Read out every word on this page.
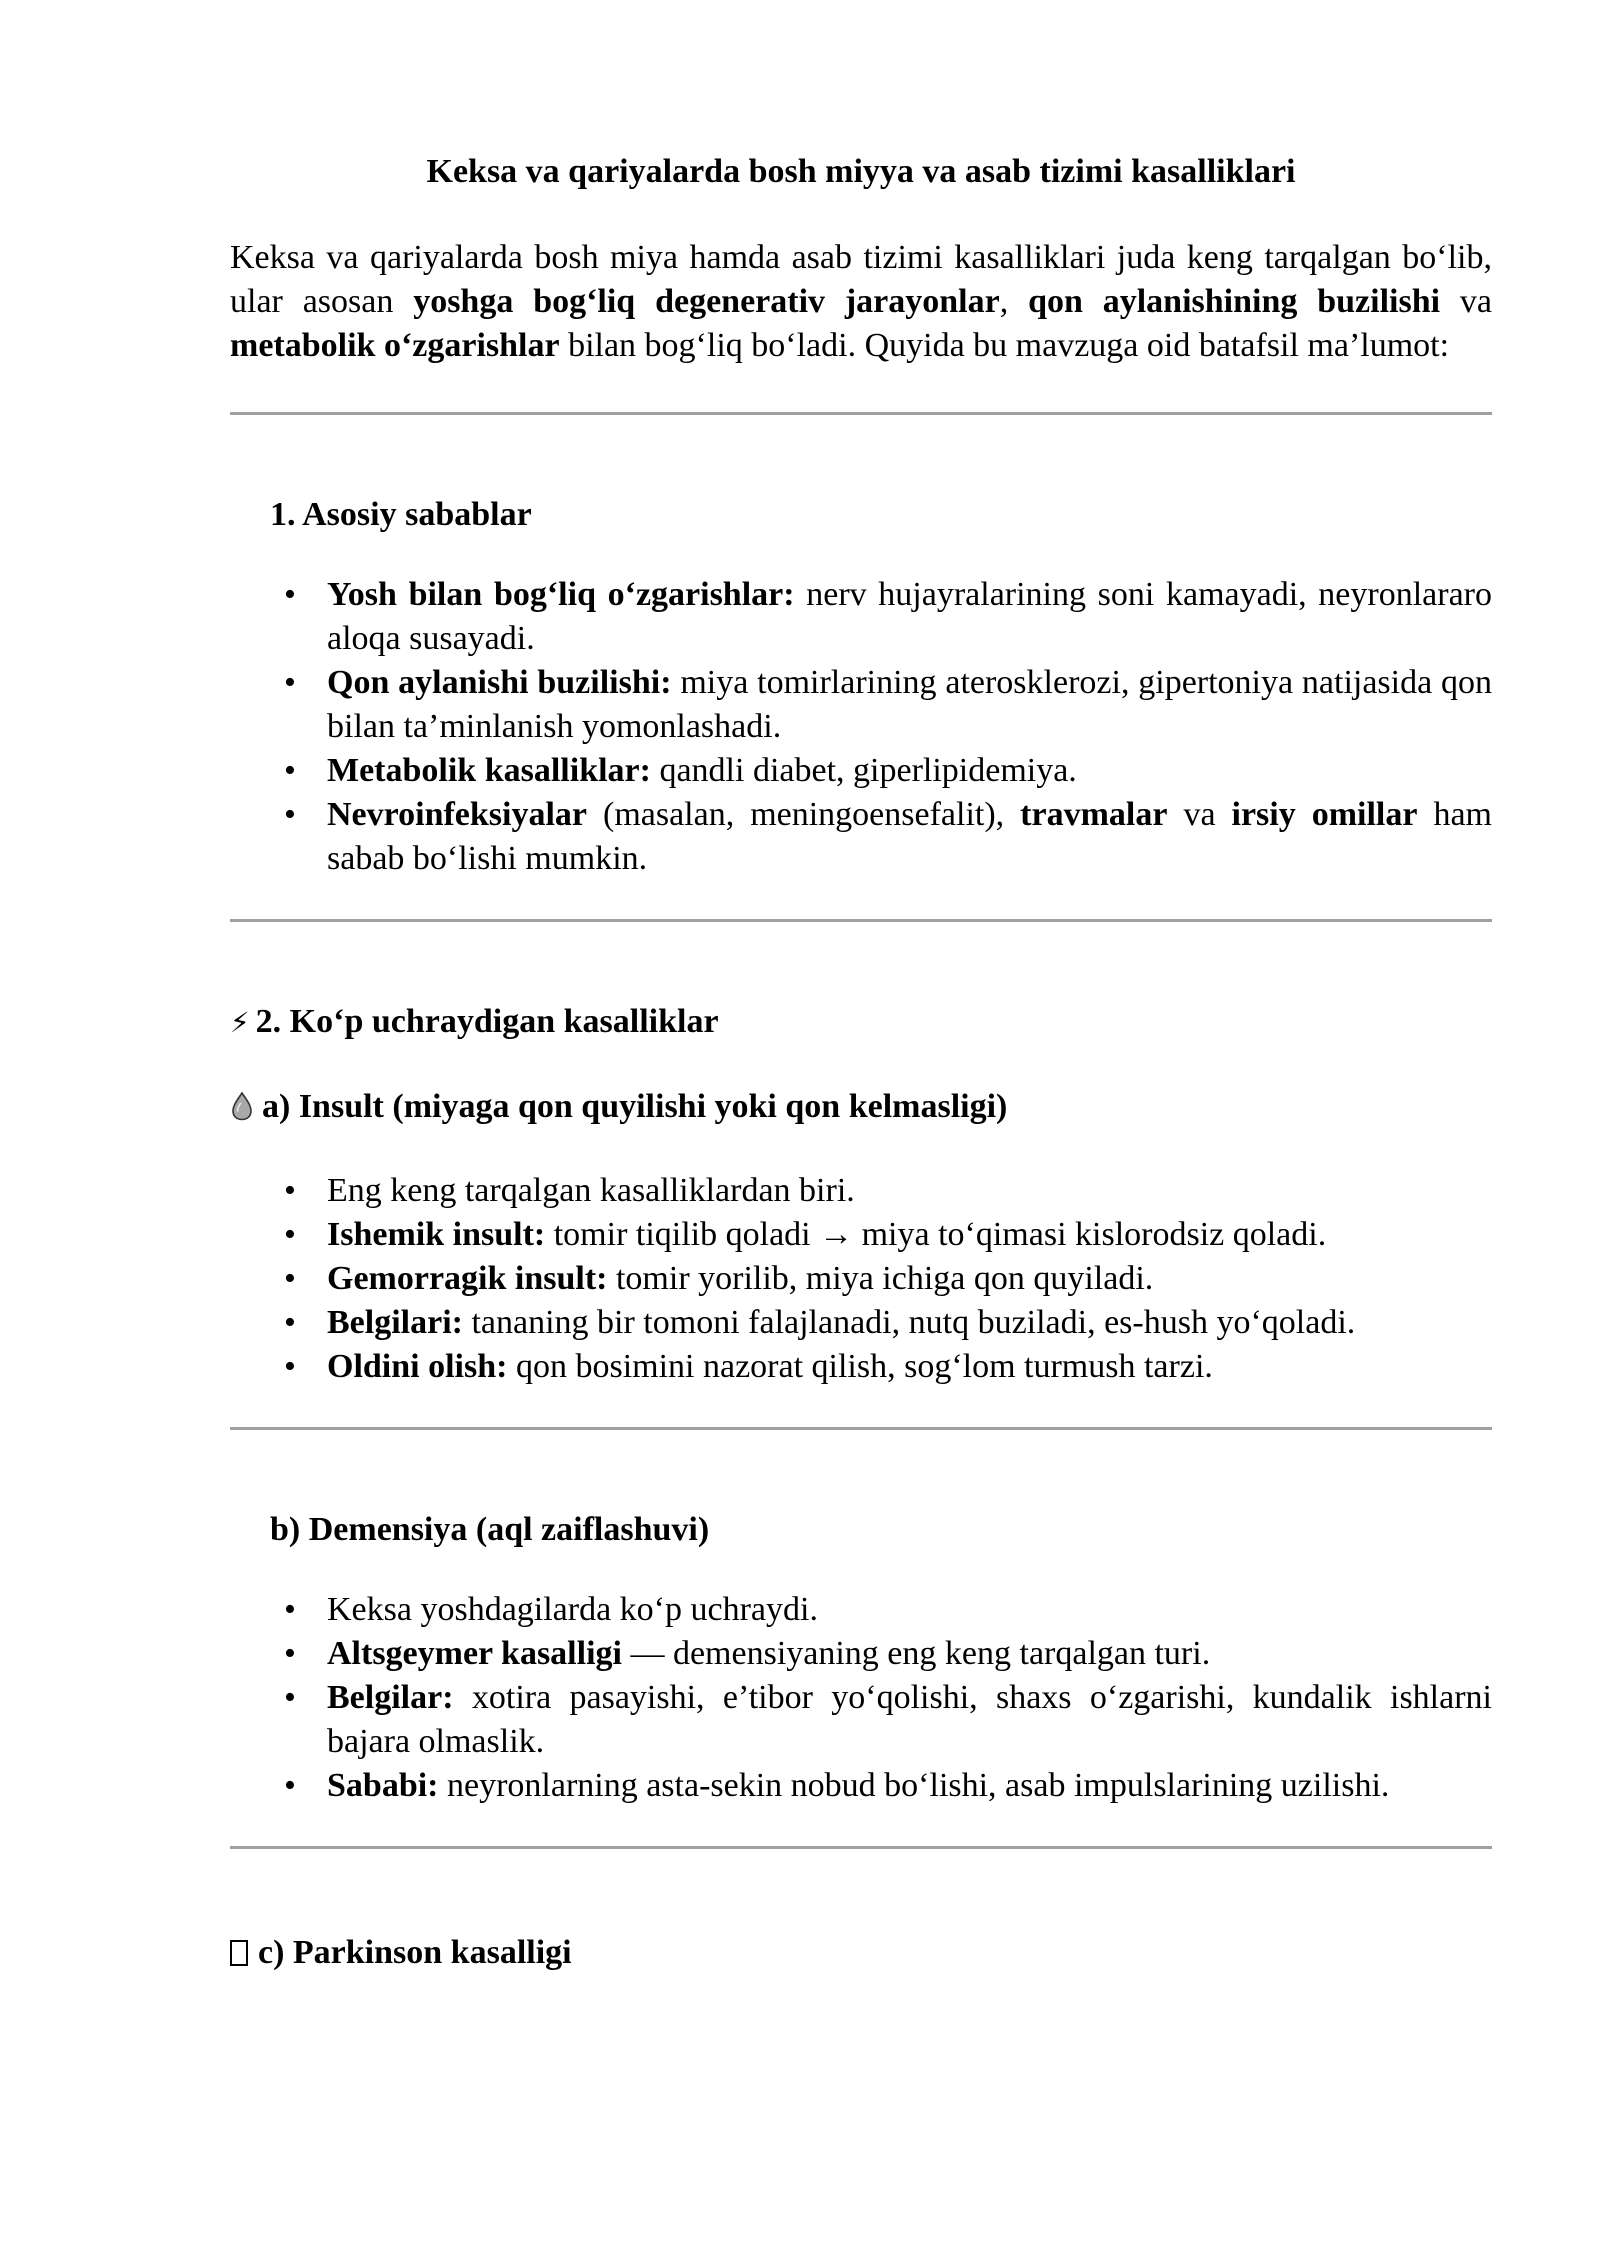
Keksa va qariyalarda bosh miyya va asab tizimi kasalliklari
Keksa va qariyalarda bosh miya hamda asab tizimi kasalliklari juda keng tarqalgan bo‘lib, ular asosan yoshga bog‘liq degenerativ jarayonlar, qon aylanishining buzilishi va metabolik o‘zgarishlar bilan bog‘liq bo‘ladi. Quyida bu mavzuga oid batafsil ma’lumot:
1. Asosiy sabablar
• Yosh bilan bog‘liq o‘zgarishlar: nerv hujayralarining soni kamayadi, neyronlararo aloqa susayadi.
• Qon aylanishi buzilishi: miya tomirlarining aterosklerozi, gipertoniya natijasida qon bilan ta’minlanish yomonlashadi.
• Metabolik kasalliklar: qandli diabet, giperlipidemiya.
• Nevroinfeksiyalar (masalan, meningoensefalit), travmalar va irsiy omillar ham sabab bo‘lishi mumkin.
⚡ 2. Ko‘p uchraydigan kasalliklar
a) Insult (miyaga qon quyilishi yoki qon kelmasligi)
• Eng keng tarqalgan kasalliklardan biri.
• Ishemik insult: tomir tiqilib qoladi → miya to‘qimasi kislorodsiz qoladi.
• Gemorragik insult: tomir yorilib, miya ichiga qon quyiladi.
• Belgilari: tananing bir tomoni falajlanadi, nutq buziladi, es-hush yo‘qoladi.
• Oldini olish: qon bosimini nazorat qilish, sog‘lom turmush tarzi.
b) Demensiya (aql zaiflashuvi)
• Keksa yoshdagilarda ko‘p uchraydi.
• Altsgeymer kasalligi — demensiyaning eng keng tarqalgan turi.
• Belgilar: xotira pasayishi, e’tibor yo‘qolishi, shaxs o‘zgarishi, kundalik ishlarni bajara olmaslik.
• Sababi: neyronlarning asta-sekin nobud bo‘lishi, asab impulslarining uzilishi.
c) Parkinson kasalligi
